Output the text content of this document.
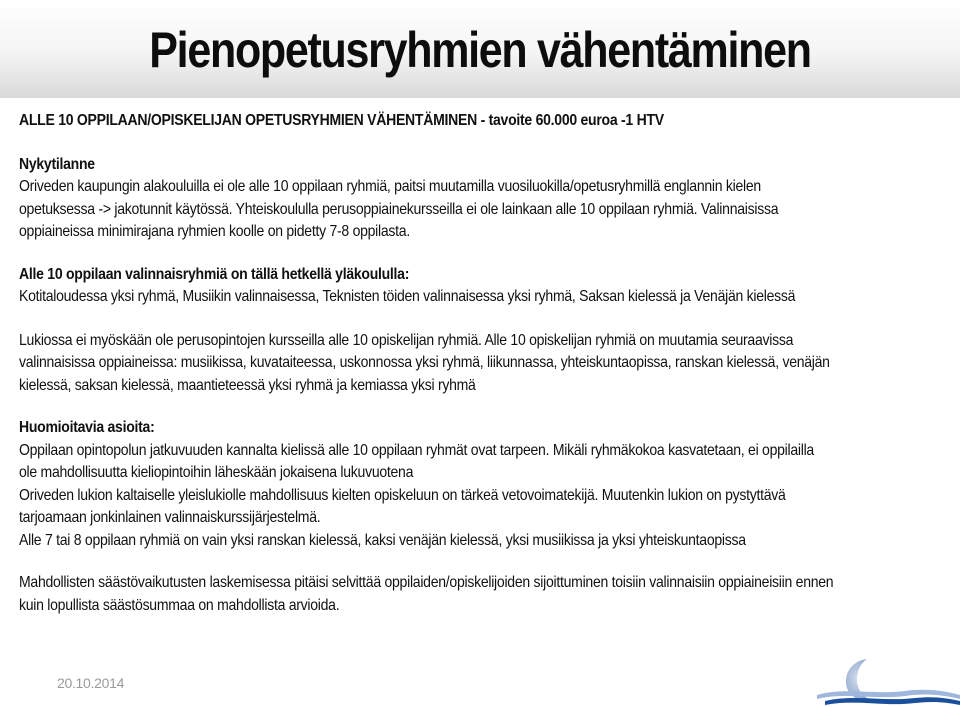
Pienopetusryhmien vähentäminen

ALLE 10 OPPILAAN/OPISKELIJAN OPETUSRYHMIEN VÄHENTÄMINEN - tavoite 60.000 euroa -1 HTV

Nykytilanne

Oriveden kaupungin alakouluilla ei ole alle 10 oppilaan ryhmiä, paitsi muutamilla vuosiluokilla/opetusryhmillä englannin kielen

opetuksessa -> jakotunnit käytössä. Yhteiskoululla perusoppiainekursseilla ei ole lainkaan alle 10 oppilaan ryhmiä. Valinnaisissa

oppiaineissa minimirajana ryhmien koolle on pidetty 7-8 oppilasta.

Alle 10 oppilaan valinnaisryhmiä on tällä hetkellä yläkoululla:

Kotitaloudessa yksi ryhmä, Musiikin valinnaisessa, Teknisten töiden valinnaisessa yksi ryhmä, Saksan kielessä ja Venäjän kielessä

Lukiossa ei myöskään ole perusopintojen kursseilla alle 10 opiskelijan ryhmiä. Alle 10 opiskelijan ryhmiä on muutamia seuraavissa

valinnaisissa oppiaineissa: musiikissa, kuvataiteessa, uskonnossa yksi ryhmä, liikunnassa, yhteiskuntaopissa, ranskan kielessä, venäjän

kielessä, saksan kielessä, maantieteessä yksi ryhmä ja kemiassa yksi ryhmä

Huomioitavia asioita:

Oppilaan opintopolun jatkuvuuden kannalta kielissä alle 10 oppilaan ryhmät ovat tarpeen. Mikäli ryhmäkokoa kasvatetaan, ei oppilailla

ole mahdollisuutta kieliopintoihin läheskään jokaisena lukuvuotena

Oriveden lukion kaltaiselle yleislukiolle mahdollisuus kielten opiskeluun on tärkeä vetovoimatekijä. Muutenkin lukion on pystyttävä

tarjoamaan jonkinlainen valinnaiskurssijärjestelmä.

Alle 7 tai 8 oppilaan ryhmiä on vain yksi ranskan kielessä, kaksi venäjän kielessä, yksi musiikissa ja yksi yhteiskuntaopissa

Mahdollisten säästövaikutusten laskemisessa pitäisi selvittää oppilaiden/opiskelijoiden sijoittuminen toisiin valinnaisiin oppiaineisiin ennen

kuin lopullista säästösummaa on mahdollista arvioida.

20.10.2014
